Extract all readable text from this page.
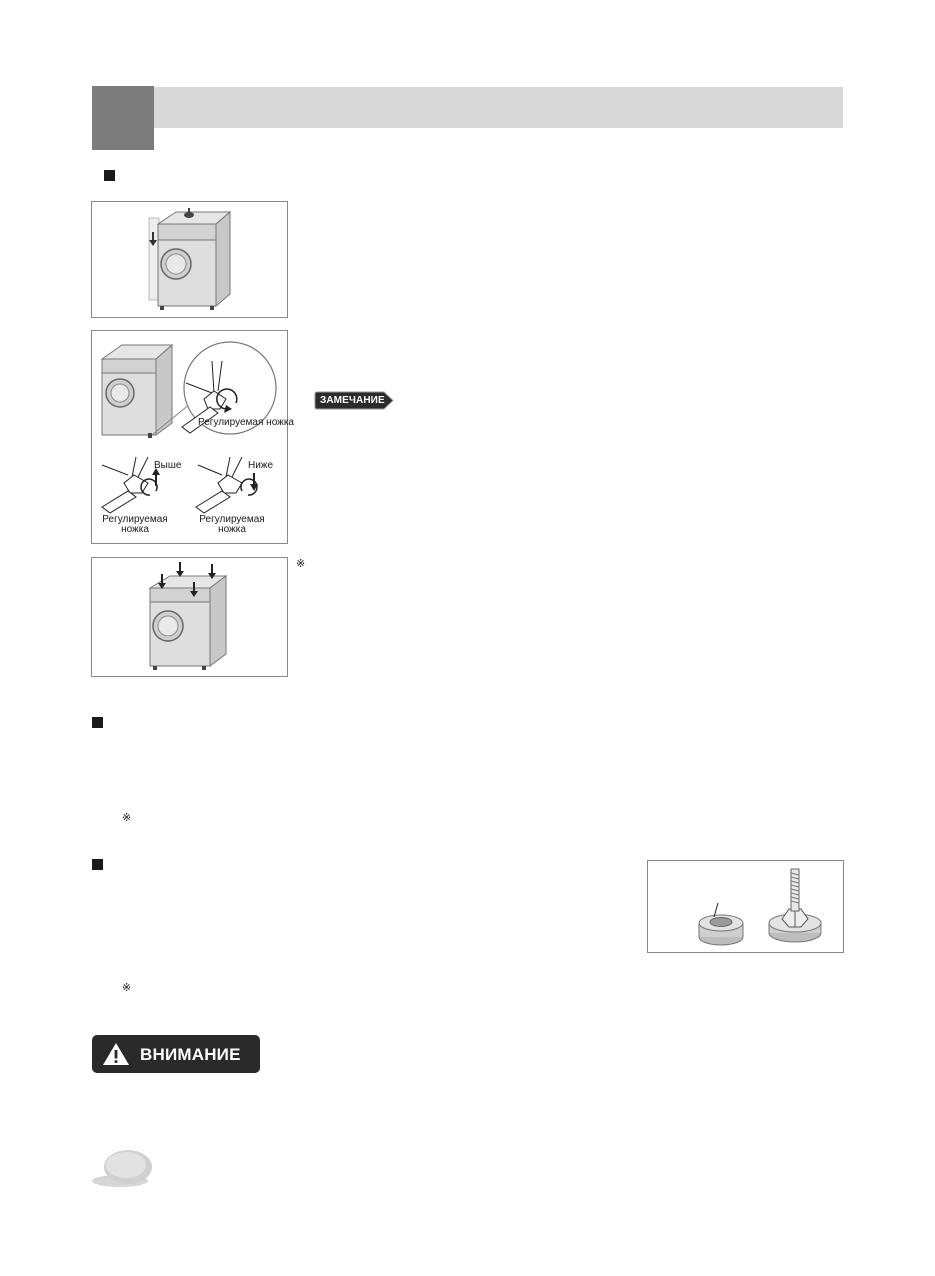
Регулируемая ножка
Выше	Ниже
Регулируемая ножка
Регулируемая ножка
ЗАМЕЧАНИЕ
※
※
※
ВНИМАНИЕ
